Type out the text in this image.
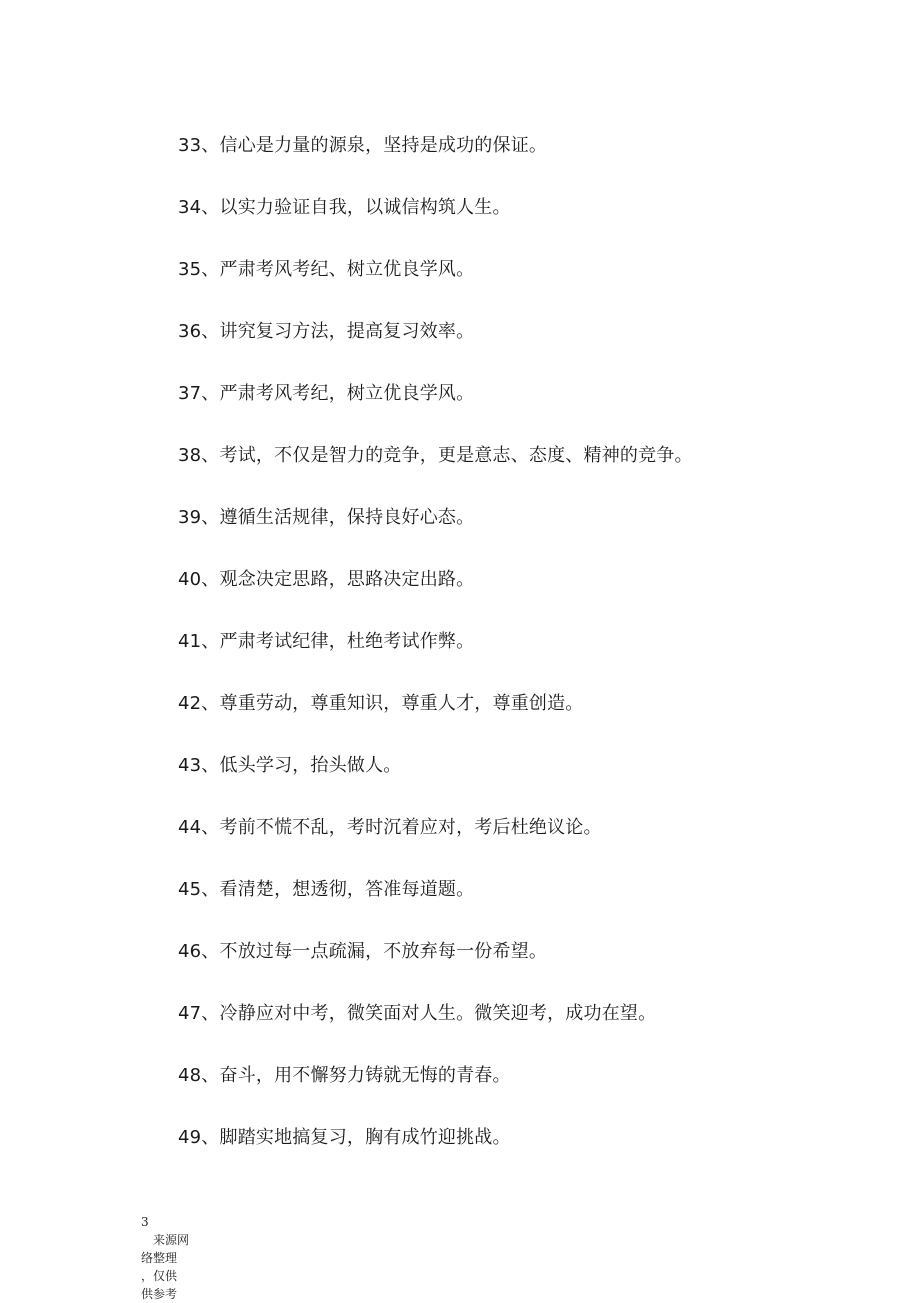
33、信心是力量的源泉，坚持是成功的保证。
34、以实力验证自我，以诚信构筑人生。
35、严肃考风考纪、树立优良学风。
36、讲究复习方法，提高复习效率。
37、严肃考风考纪，树立优良学风。
38、考试，不仅是智力的竞争，更是意志、态度、精神的竞争。
39、遵循生活规律，保持良好心态。
40、观念决定思路，思路决定出路。
41、严肃考试纪律，杜绝考试作弊。
42、尊重劳动，尊重知识，尊重人才，尊重创造。
43、低头学习，抬头做人。
44、考前不慌不乱，考时沉着应对，考后杜绝议论。
45、看清楚，想透彻，答准每道题。
46、不放过每一点疏漏，不放弃每一份希望。
47、冷静应对中考，微笑面对人生。微笑迎考，成功在望。
48、奋斗，用不懈努力铸就无悔的青春。
49、脚踏实地搞复习，胸有成竹迎挑战。
3
　来源网
络整理
，仅供
供参考
